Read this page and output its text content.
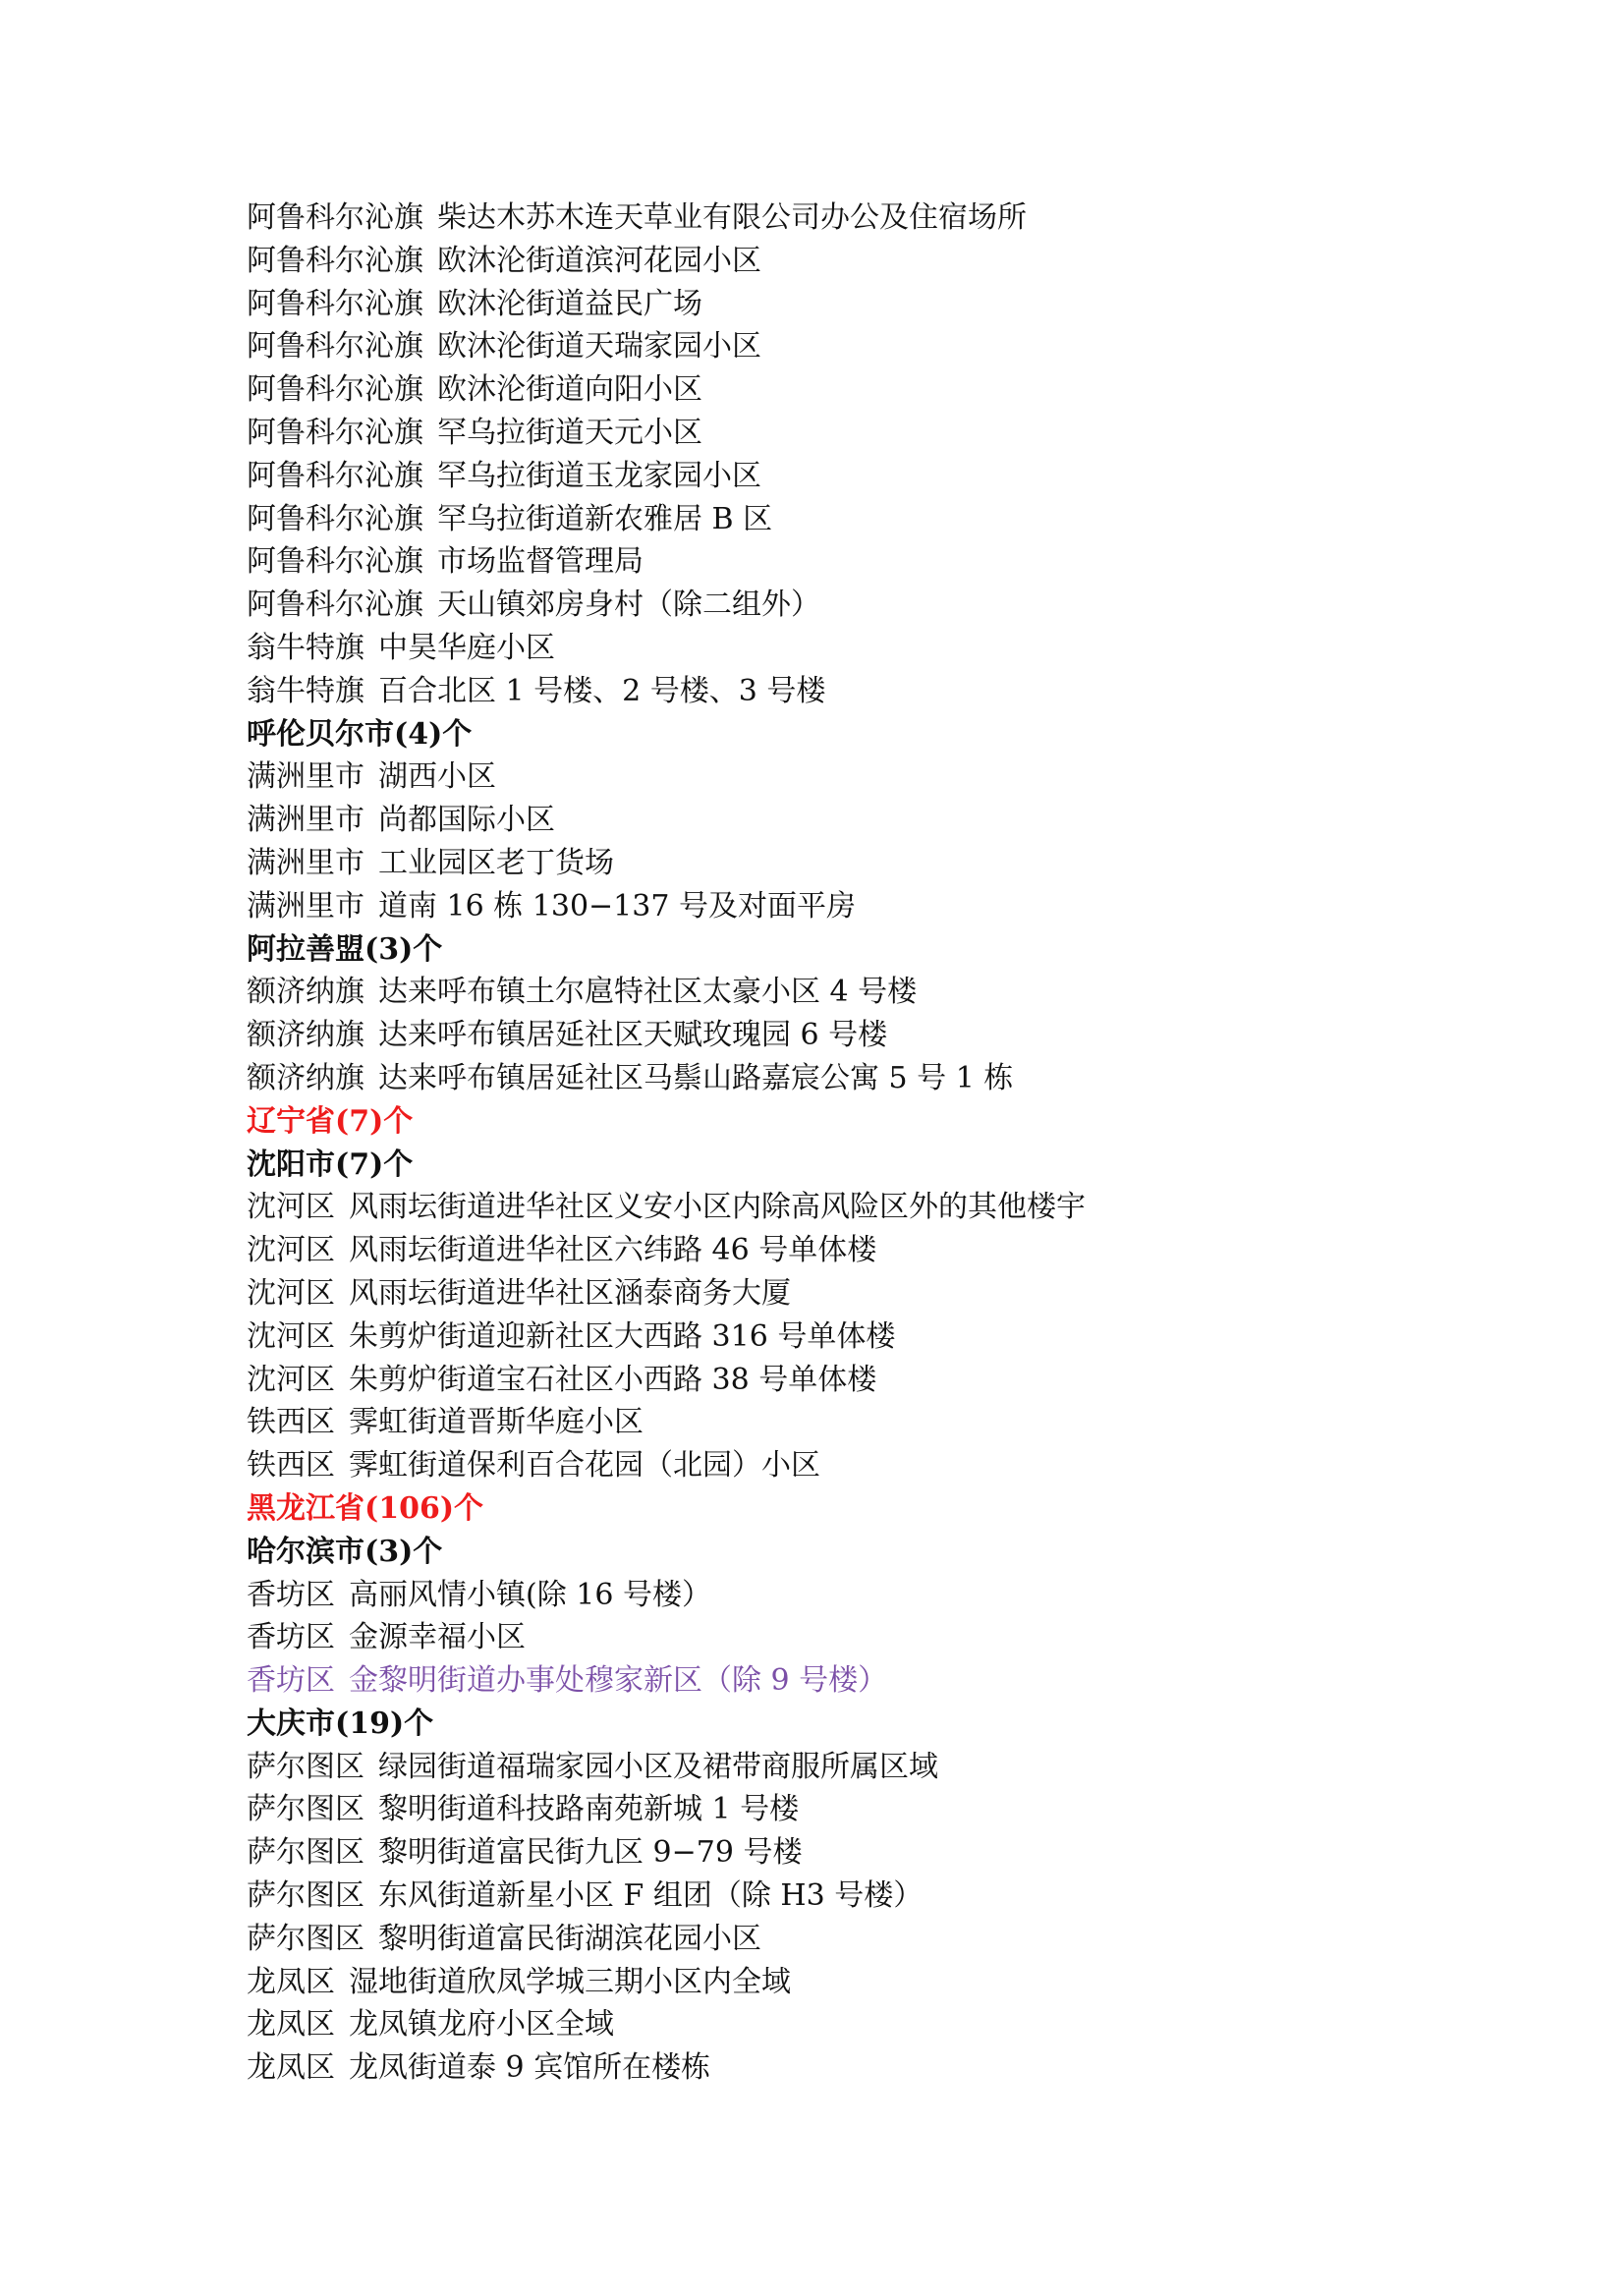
阿鲁科尔沁旗 柴达木苏木连天草业有限公司办公及住宿场所
阿鲁科尔沁旗 欧沐沦街道滨河花园小区
阿鲁科尔沁旗 欧沐沦街道益民广场
阿鲁科尔沁旗 欧沐沦街道天瑞家园小区
阿鲁科尔沁旗 欧沐沦街道向阳小区
阿鲁科尔沁旗 罕乌拉街道天元小区
阿鲁科尔沁旗 罕乌拉街道玉龙家园小区
阿鲁科尔沁旗 罕乌拉街道新农雅居 B 区
阿鲁科尔沁旗 市场监督管理局
阿鲁科尔沁旗 天山镇郊房身村（除二组外）
翁牛特旗 中昊华庭小区
翁牛特旗 百合北区 1 号楼、2 号楼、3 号楼
呼伦贝尔市(4)个
满洲里市 湖西小区
满洲里市 尚都国际小区
满洲里市 工业园区老丁货场
满洲里市 道南 16 栋 130−137 号及对面平房
阿拉善盟(3)个
额济纳旗 达来呼布镇土尔扈特社区太豪小区 4 号楼
额济纳旗 达来呼布镇居延社区天赋玫瑰园 6 号楼
额济纳旗 达来呼布镇居延社区马鬃山路嘉宸公寓 5 号 1 栋
辽宁省(7)个
沈阳市(7)个
沈河区 风雨坛街道进华社区义安小区内除高风险区外的其他楼宇
沈河区 风雨坛街道进华社区六纬路 46 号单体楼
沈河区 风雨坛街道进华社区涵泰商务大厦
沈河区 朱剪炉街道迎新社区大西路 316 号单体楼
沈河区 朱剪炉街道宝石社区小西路 38 号单体楼
铁西区 霁虹街道晋斯华庭小区
铁西区 霁虹街道保利百合花园（北园）小区
黑龙江省(106)个
哈尔滨市(3)个
香坊区 高丽风情小镇(除 16 号楼）
香坊区 金源幸福小区
香坊区 金黎明街道办事处穆家新区（除 9 号楼）
大庆市(19)个
萨尔图区 绿园街道福瑞家园小区及裙带商服所属区域
萨尔图区 黎明街道科技路南苑新城 1 号楼
萨尔图区 黎明街道富民街九区 9−79 号楼
萨尔图区 东风街道新星小区 F 组团（除 H3 号楼）
萨尔图区 黎明街道富民街湖滨花园小区
龙凤区 湿地街道欣凤学城三期小区内全域
龙凤区 龙凤镇龙府小区全域
龙凤区 龙凤街道泰 9 宾馆所在楼栋
